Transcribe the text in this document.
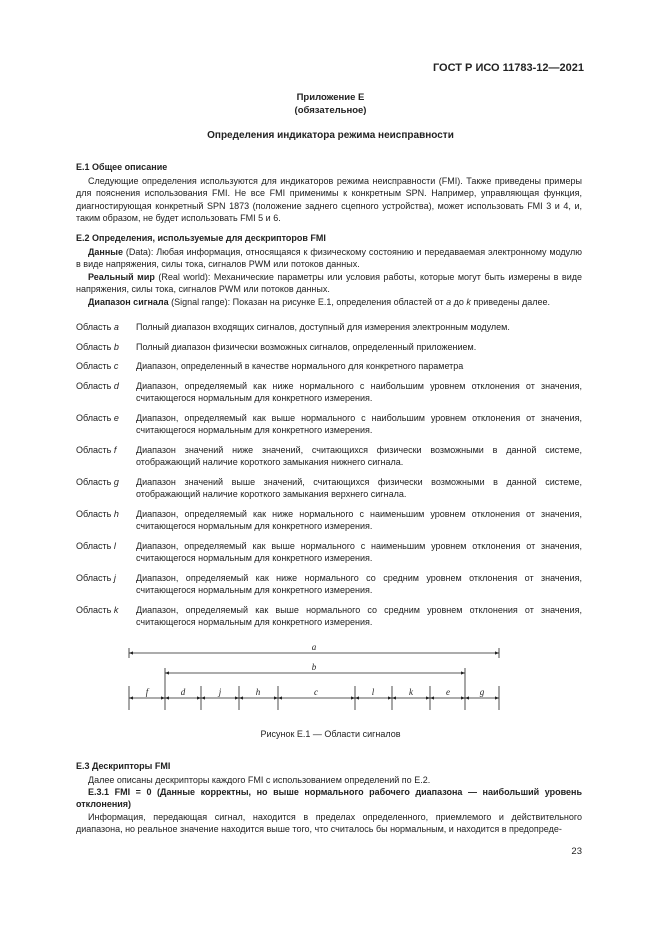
ГОСТ Р ИСО 11783-12—2021
Приложение E
(обязательное)
Определения индикатора режима неисправности
E.1 Общее описание
Следующие определения используются для индикаторов режима неисправности (FMI). Также приведены примеры для пояснения использования FMI. Не все FMI применимы к конкретным SPN. Например, управляющая функция, диагностирующая конкретный SPN 1873 (положение заднего сцепного устройства), может использовать FMI 3 и 4, и, таким образом, не будет использовать FMI 5 и 6.
E.2 Определения, используемые для дескрипторов FMI
Данные (Data): Любая информация, относящаяся к физическому состоянию и передаваемая электронному модулю в виде напряжения, силы тока, сигналов PWM или потоков данных.
Реальный мир (Real world): Механические параметры или условия работы, которые могут быть измерены в виде напряжения, силы тока, сигналов PWM или потоков данных.
Диапазон сигнала (Signal range): Показан на рисунке E.1, определения областей от a до k приведены далее.
Область a	Полный диапазон входящих сигналов, доступный для измерения электронным модулем.
Область b	Полный диапазон физически возможных сигналов, определенный приложением.
Область c	Диапазон, определенный в качестве нормального для конкретного параметра
Область d	Диапазон, определяемый как ниже нормального с наибольшим уровнем отклонения от значения, считающегося нормальным для конкретного измерения.
Область e	Диапазон, определяемый как выше нормального с наибольшим уровнем отклонения от значения, считающегося нормальным для конкретного измерения.
Область f	Диапазон значений ниже значений, считающихся физически возможными в данной системе, отображающий наличие короткого замыкания нижнего сигнала.
Область g	Диапазон значений выше значений, считающихся физически возможными в данной системе, отображающий наличие короткого замыкания верхнего сигнала.
Область h	Диапазон, определяемый как ниже нормального с наименьшим уровнем отклонения от значения, считающегося нормальным для конкретного измерения.
Область l	Диапазон, определяемый как выше нормального с наименьшим уровнем отклонения от значения, считающегося нормальным для конкретного измерения.
Область j	Диапазон, определяемый как ниже нормального со средним уровнем отклонения от значения, считающегося нормальным для конкретного измерения.
Область k	Диапазон, определяемый как выше нормального со средним уровнем отклонения от значения, считающегося нормальным для конкретного измерения.
a
b
f	d	j	h	c	l	k	e	g
Рисунок E.1 — Области сигналов
E.3 Дескрипторы FMI
Далее описаны дескрипторы каждого FMI с использованием определений по E.2.
E.3.1 FMI = 0 (Данные корректны, но выше нормального рабочего диапазона — наибольший уровень отклонения)
Информация, передающая сигнал, находится в пределах определенного, приемлемого и действительного диапазона, но реальное значение находится выше того, что считалось бы нормальным, и находится в предопреде-
23
